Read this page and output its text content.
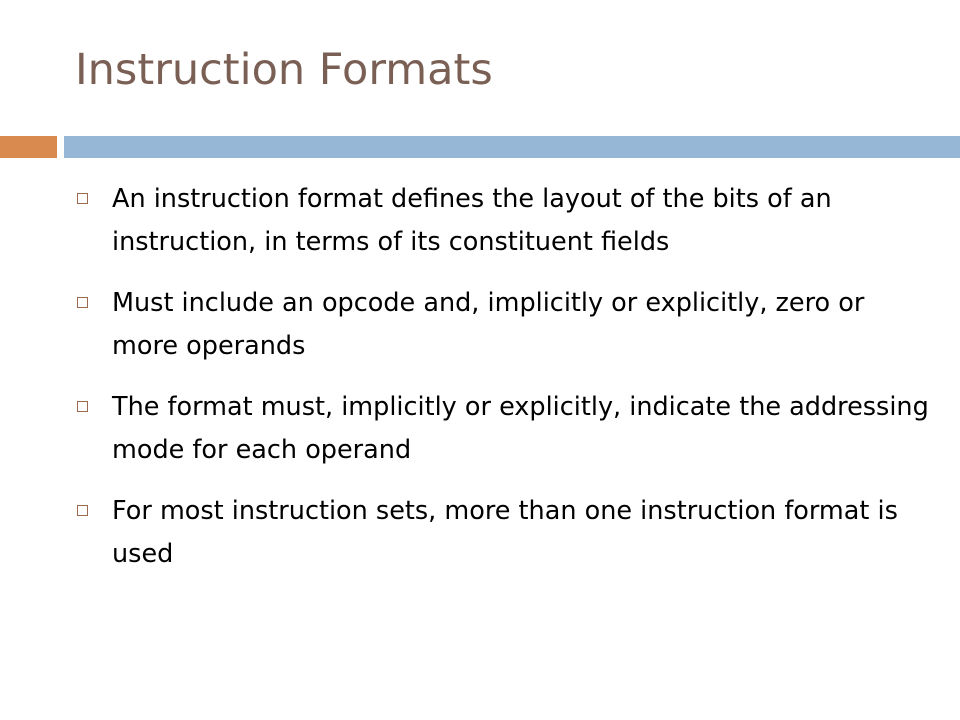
Instruction Formats
An instruction format defines the layout of the bits of an instruction, in terms of its constituent fields
Must include an opcode and, implicitly or explicitly, zero or more operands
The format must, implicitly or explicitly, indicate the addressing mode for each operand
For most instruction sets, more than one instruction format is used
